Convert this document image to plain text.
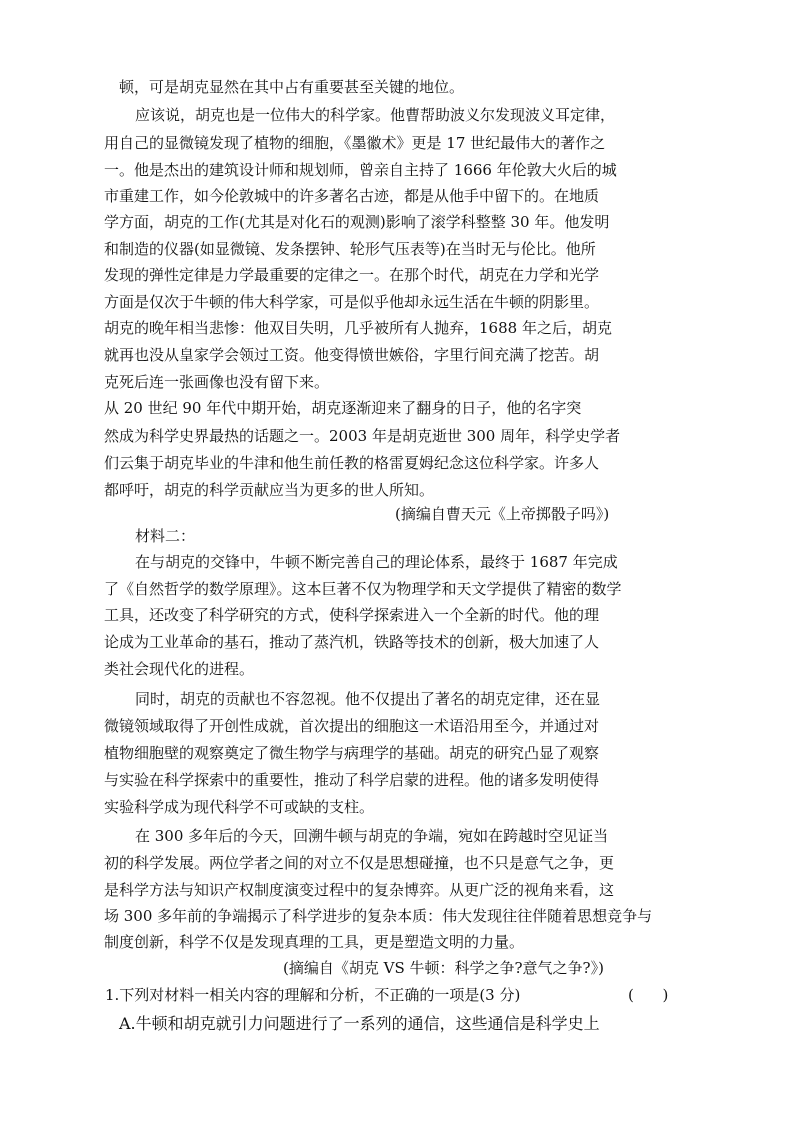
顿，可是胡克显然在其中占有重要甚至关键的地位。
应该说，胡克也是一位伟大的科学家。他曹帮助波义尔发现波义耳定律，
用自己的显微镜发现了植物的细胞，《墨徽术》更是 17 世纪最伟大的著作之
一。他是杰出的建筑设计师和规划师，曾亲自主持了 1666 年伦敦大火后的城
市重建工作，如今伦敦城中的许多著名古迹，都是从他手中留下的。在地质
学方面，胡克的工作(尤其是对化石的观测)影响了滚学科整整 30 年。他发明
和制造的仪器(如显微镜、发条摆钟、轮形气压表等)在当时无与伦比。他所
发现的弹性定律是力学最重要的定律之一。在那个时代，胡克在力学和光学
方面是仅次于牛顿的伟大科学家，可是似乎他却永远生活在牛顿的阴影里。
胡克的晚年相当悲惨：他双目失明，几乎被所有人抛弃，1688 年之后，胡克
就再也没从皇家学会领过工资。他变得愤世嫉俗，字里行间充满了挖苦。胡
克死后连一张画像也没有留下来。
从 20 世纪 90 年代中期开始，胡克逐渐迎来了翻身的日子，他的名字突
然成为科学史界最热的话题之一。2003 年是胡克逝世 300 周年，科学史学者
们云集于胡克毕业的牛津和他生前任教的格雷夏姆纪念这位科学家。许多人
都呼吁，胡克的科学贡献应当为更多的世人所知。
(摘编自曹天元《上帝掷骰子吗》)
材料二：
在与胡克的交锋中，牛顿不断完善自己的理论体系，最终于 1687 年完成
了《自然哲学的数学原理》。这本巨著不仅为物理学和天文学提供了精密的数学
工具，还改变了科学研究的方式，使科学探索进入一个全新的时代。他的理
论成为工业革命的基石，推动了蒸汽机，铁路等技术的创新，极大加速了人
类社会现代化的进程。
同时，胡克的贡献也不容忽视。他不仅提出了著名的胡克定律，还在显
微镜领域取得了开创性成就，首次提出的细胞这一术语沿用至今，并通过对
植物细胞壁的观察奠定了微生物学与病理学的基础。胡克的研究凸显了观察
与实验在科学探索中的重要性，推动了科学启蒙的进程。他的诸多发明使得
实验科学成为现代科学不可或缺的支柱。
在 300 多年后的今天，回溯牛顿与胡克的争端，宛如在跨越时空见证当
初的科学发展。两位学者之间的对立不仅是思想碰撞，也不只是意气之争，更
是科学方法与知识产权制度演变过程中的复杂博弈。从更广泛的视角来看，这
场 300 多年前的争端揭示了科学进步的复杂本质：伟大发现往往伴随着思想竞争与
制度创新，科学不仅是发现真理的工具，更是塑造文明的力量。
(摘编自《胡克 VS 牛顿：科学之争?意气之争?》)
1.下列对材料一相关内容的理解和分析，不正确的一项是(3 分)	(      )
A.牛顿和胡克就引力问题进行了一系列的通信，这些通信是科学史上
